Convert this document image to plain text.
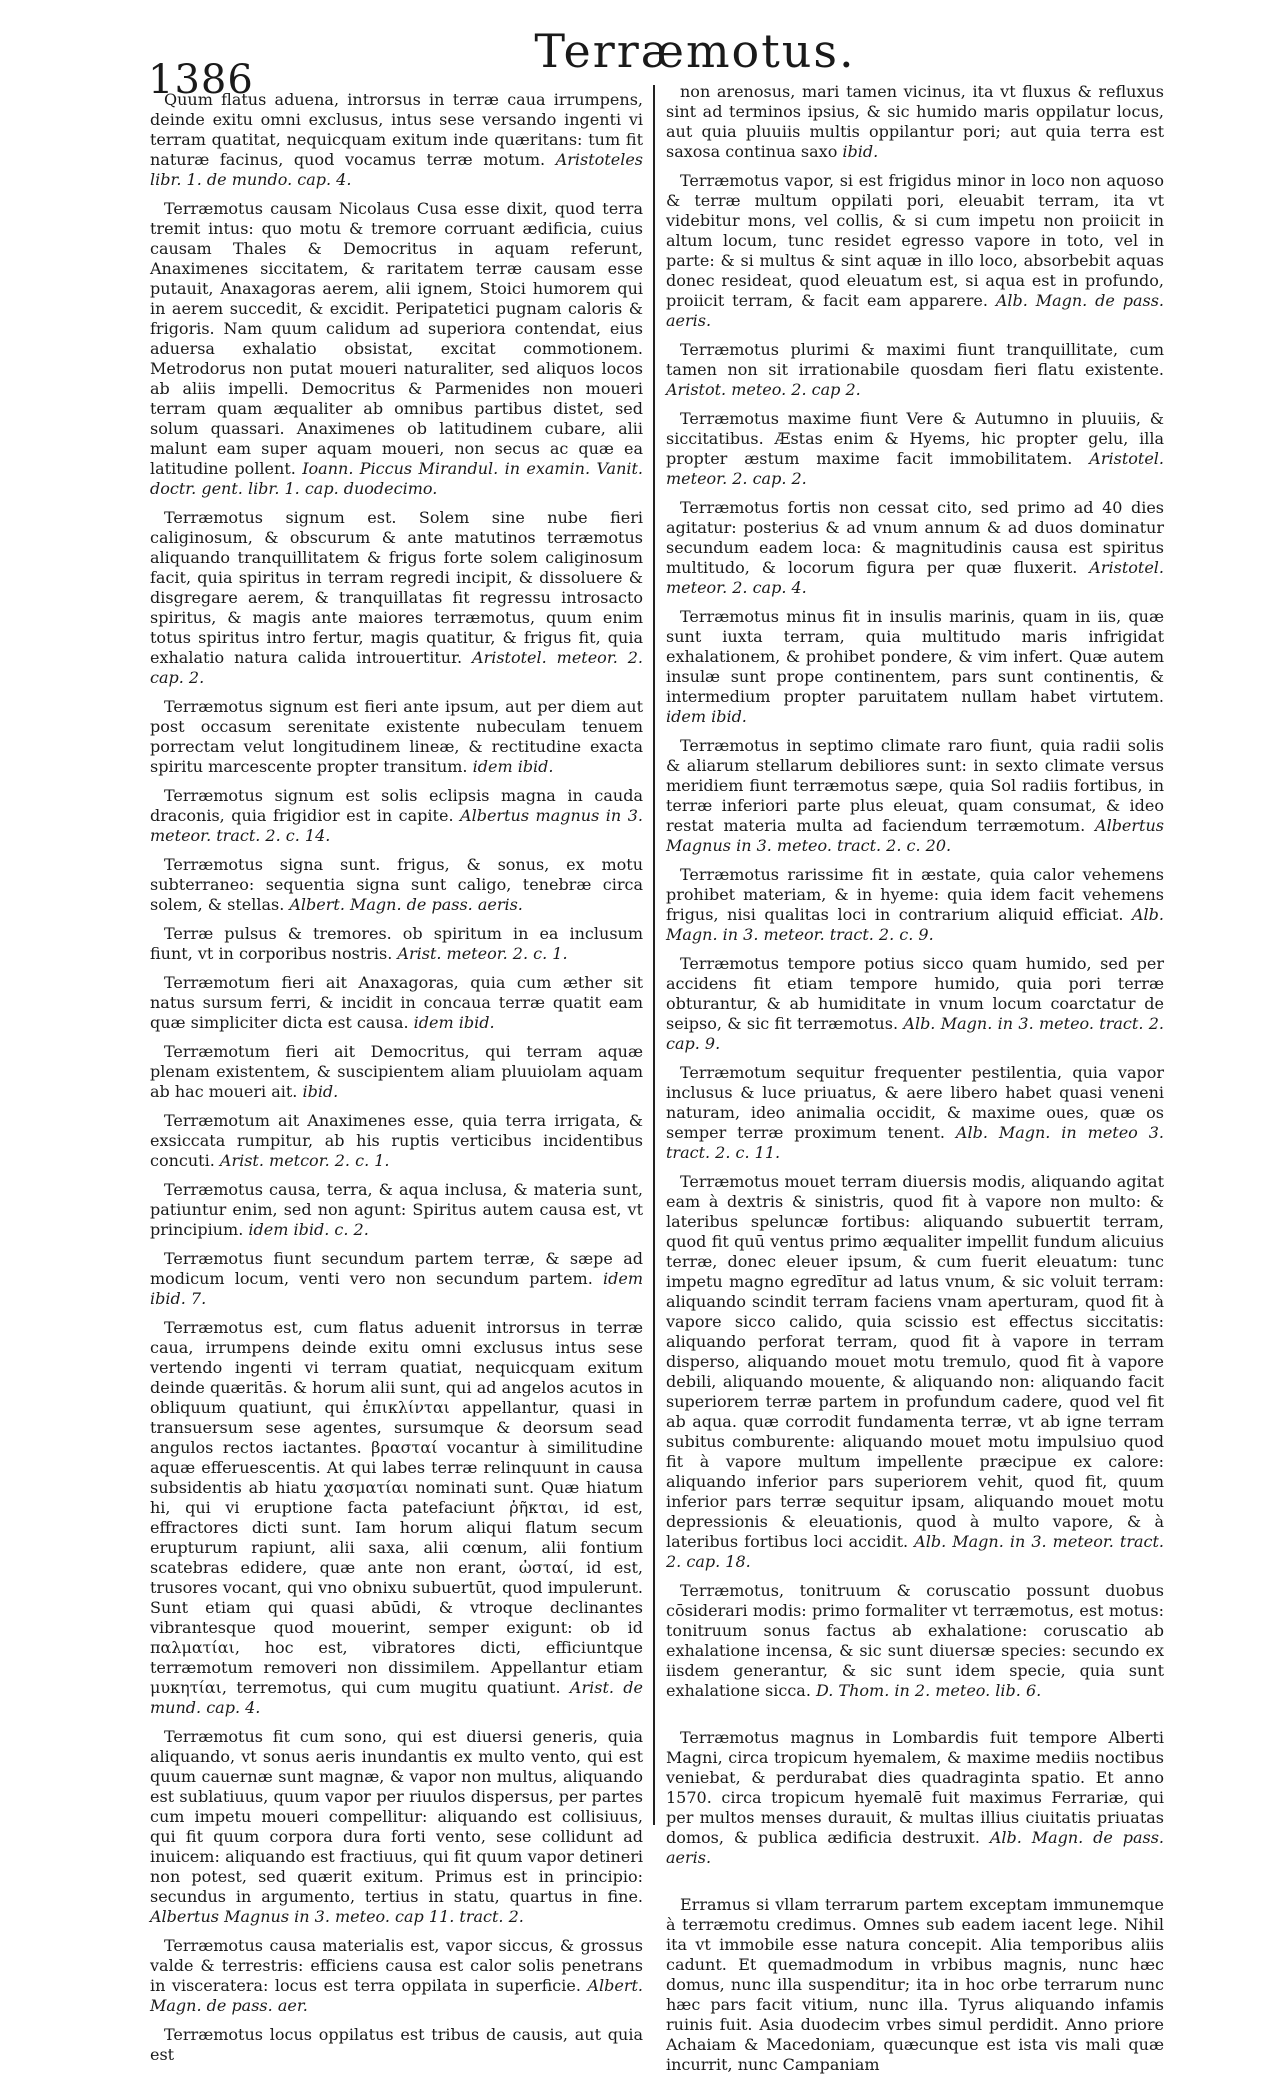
1386
Terræmotus.

Quum flatus aduena, introrsus in terræ caua irrumpens, deinde exitu omni exclusus, intus sese versando ingenti vi terram quatitat, nequicquam exitum inde quæritans: tum fit naturæ facinus, quod vocamus terræ motum. Aristoteles libr. 1. de mundo. cap. 4.

Terræmotus causam Nicolaus Cusa esse dixit, quod terra tremit intus: quo motu & tremore corruant ædificia, cuius causam Thales & Democritus in aquam referunt, Anaximenes siccitatem, & raritatem terræ causam esse putauit, Anaxagoras aerem, alii ignem, Stoici humorem qui in aerem succedit, & excidit. Peripatetici pugnam caloris & frigoris. Nam quum calidum ad superiora contendat, eius aduersa exhalatio obsistat, excitat commotionem. Metrodorus non putat moueri naturaliter, sed aliquos locos ab aliis impelli. Democritus & Parmenides non moueri terram quam æqualiter ab omnibus partibus distet, sed solum quassari. Anaximenes ob latitudinem cubare, alii malunt eam super aquam moueri, non secus ac quæ ea latitudine pollent. Ioann. Piccus Mirandul. in examin. Vanit. doctr. gent. libr. 1. cap. duodecimo.

Terræmotus signum est. Solem sine nube fieri caliginosum, & obscurum & ante matutinos terræmotus aliquando tranquillitatem & frigus forte solem caliginosum facit, quia spiritus in terram regredi incipit, & dissoluere & disgregare aerem, & tranquillatas fit regressu introsacto spiritus, & magis ante maiores terræmotus, quum enim totus spiritus intro fertur, magis quatitur, & frigus fit, quia exhalatio natura calida introuertitur. Aristotel. meteor. 2. cap. 2.

Terræmotus signum est fieri ante ipsum, aut per diem aut post occasum serenitate existente nubeculam tenuem porrectam velut longitudinem lineæ, & rectitudine exacta spiritu marcescente propter transitum. idem ibid.

Terræmotus signum est solis eclipsis magna in cauda draconis, quia frigidior est in capite. Albertus magnus in 3. meteor. tract. 2. c. 14.

Terræmotus signa sunt. frigus, & sonus, ex motu subterraneo: sequentia signa sunt caligo, tenebræ circa solem, & stellas. Albert. Magn. de pass. aeris.

Terræ pulsus & tremores. ob spiritum in ea inclusum fiunt, vt in corporibus nostris. Arist. meteor. 2. c. 1.

Terræmotum fieri ait Anaxagoras, quia cum æther sit natus sursum ferri, & incidit in concaua terræ quatit eam quæ simpliciter dicta est causa. idem ibid.

Terræmotum fieri ait Democritus, qui terram aquæ plenam existentem, & suscipientem aliam pluuiolam aquam ab hac moueri ait. ibid.

Terræmotum ait Anaximenes esse, quia terra irrigata, & exsiccata rumpitur, ab his ruptis verticibus incidentibus concuti. Arist. metcor. 2. c. 1.

Terræmotus causa, terra, & aqua inclusa, & materia sunt, patiuntur enim, sed non agunt: Spiritus autem causa est, vt principium. idem ibid. c. 2.

Terræmotus fiunt secundum partem terræ, & sæpe ad modicum locum, venti vero non secundum partem. idem ibid. 7.

Terræmotus est, cum flatus aduenit introrsus in terræ caua, irrumpens deinde exitu omni exclusus intus sese vertendo ingenti vi terram quatiat, nequicquam exitum deinde quæritās. & horum alii sunt, qui ad angelos acutos in obliquum quatiunt, qui ἐπικλίνται appellantur, quasi in transuersum sese agentes, sursumque & deorsum sead angulos rectos iactantes. βρασταί vocantur à similitudine aquæ efferuescentis. At qui labes terræ relinquunt in causa subsidentis ab hiatu χασματίαι nominati sunt. Quæ hiatum hi, qui vi eruptione facta patefaciunt ῥῆκται, id est, effractores dicti sunt. Iam horum aliqui flatum secum erupturum rapiunt, alii saxa, alii cœnum, alii fontium scatebras edidere, quæ ante non erant, ὠσταί, id est, trusores vocant, qui vno obnixu subuertūt, quod impulerunt. Sunt etiam qui quasi abūdi, & vtroque declinantes vibrantesque quod mouerint, semper exigunt: ob id παλματίαι, hoc est, vibratores dicti, efficiuntque terræmotum removeri non dissimilem. Appellantur etiam μυκητίαι, terremotus, qui cum mugitu quatiunt. Arist. de mund. cap. 4.

Terræmotus fit cum sono, qui est diuersi generis, quia aliquando, vt sonus aeris inundantis ex multo vento, qui est quum cauernæ sunt magnæ, & vapor non multus, aliquando est sublatiuus, quum vapor per riuulos dispersus, per partes cum impetu moueri compellitur: aliquando est collisiuus, qui fit quum corpora dura forti vento, sese collidunt ad inuicem: aliquando est fractiuus, qui fit quum vapor detineri non potest, sed quærit exitum. Primus est in principio: secundus in argumento, tertius in statu, quartus in fine. Albertus Magnus in 3. meteo. cap 11. tract. 2.

Terræmotus causa materialis est, vapor siccus, & grossus valde & terrestris: efficiens causa est calor solis penetrans in visceratera: locus est terra oppilata in superficie. Albert. Magn. de pass. aer.

Terræmotus locus oppilatus est tribus de causis, aut quia est

non arenosus, mari tamen vicinus, ita vt fluxus & refluxus sint ad terminos ipsius, & sic humido maris oppilatur locus, aut quia pluuiis multis oppilantur pori; aut quia terra est saxosa continua saxo ibid.

Terræmotus vapor, si est frigidus minor in loco non aquoso & terræ multum oppilati pori, eleuabit terram, ita vt videbitur mons, vel collis, & si cum impetu non proiicit in altum locum, tunc residet egresso vapore in toto, vel in parte: & si multus & sint aquæ in illo loco, absorbebit aquas donec resideat, quod eleuatum est, si aqua est in profundo, proiicit terram, & facit eam apparere. Alb. Magn. de pass. aeris.

Terræmotus plurimi & maximi fiunt tranquillitate, cum tamen non sit irrationabile quosdam fieri flatu existente. Aristot. meteo. 2. cap 2.

Terræmotus maxime fiunt Vere & Autumno in pluuiis, & siccitatibus. Æstas enim & Hyems, hic propter gelu, illa propter æstum maxime facit immobilitatem. Aristotel. meteor. 2. cap. 2.

Terræmotus fortis non cessat cito, sed primo ad 40 dies agitatur: posterius & ad vnum annum & ad duos dominatur secundum eadem loca: & magnitudinis causa est spiritus multitudo, & locorum figura per quæ fluxerit. Aristotel. meteor. 2. cap. 4.

Terræmotus minus fit in insulis marinis, quam in iis, quæ sunt iuxta terram, quia multitudo maris infrigidat exhalationem, & prohibet pondere, & vim infert. Quæ autem insulæ sunt prope continentem, pars sunt continentis, & intermedium propter paruitatem nullam habet virtutem. idem ibid.

Terræmotus in septimo climate raro fiunt, quia radii solis & aliarum stellarum debiliores sunt: in sexto climate versus meridiem fiunt terræmotus sæpe, quia Sol radiis fortibus, in terræ inferiori parte plus eleuat, quam consumat, & ideo restat materia multa ad faciendum terræmotum. Albertus Magnus in 3. meteo. tract. 2. c. 20.

Terræmotus rarissime fit in æstate, quia calor vehemens prohibet materiam, & in hyeme: quia idem facit vehemens frigus, nisi qualitas loci in contrarium aliquid efficiat. Alb. Magn. in 3. meteor. tract. 2. c. 9.

Terræmotus tempore potius sicco quam humido, sed per accidens fit etiam tempore humido, quia pori terræ obturantur, & ab humiditate in vnum locum coarctatur de seipso, & sic fit terræmotus. Alb. Magn. in 3. meteo. tract. 2. cap. 9.

Terræmotum sequitur frequenter pestilentia, quia vapor inclusus & luce priuatus, & aere libero habet quasi veneni naturam, ideo animalia occidit, & maxime oues, quæ os semper terræ proximum tenent. Alb. Magn. in meteo 3. tract. 2. c. 11.

Terræmotus mouet terram diuersis modis, aliquando agitat eam à dextris & sinistris, quod fit à vapore non multo: & lateribus speluncæ fortibus: aliquando subuertit terram, quod fit quū ventus primo æqualiter impellit fundum alicuius terræ, donec eleuer ipsum, & cum fuerit eleuatum: tunc impetu magno egredītur ad latus vnum, & sic voluit terram: aliquando scindit terram faciens vnam aperturam, quod fit à vapore sicco calido, quia scissio est effectus siccitatis: aliquando perforat terram, quod fit à vapore in terram disperso, aliquando mouet motu tremulo, quod fit à vapore debili, aliquando mouente, & aliquando non: aliquando facit superiorem terræ partem in profundum cadere, quod vel fit ab aqua. quæ corrodit fundamenta terræ, vt ab igne terram subitus comburente: aliquando mouet motu impulsiuo quod fit à vapore multum impellente præcipue ex calore: aliquando inferior pars superiorem vehit, quod fit, quum inferior pars terræ sequitur ipsam, aliquando mouet motu depressionis & eleuationis, quod à multo vapore, & à lateribus fortibus loci accidit. Alb. Magn. in 3. meteor. tract. 2. cap. 18.

Terræmotus, tonitruum & coruscatio possunt duobus cōsiderari modis: primo formaliter vt terræmotus, est motus: tonitruum sonus factus ab exhalatione: coruscatio ab exhalatione incensa, & sic sunt diuersæ species: secundo ex iisdem generantur, & sic sunt idem specie, quia sunt exhalatione sicca. D. Thom. in 2. meteo. lib. 6.

Terræmotus magnus in Lombardis fuit tempore Alberti Magni, circa tropicum hyemalem, & maxime mediis noctibus veniebat, & perdurabat dies quadraginta spatio. Et anno 1570. circa tropicum hyemalē fuit maximus Ferrariæ, qui per multos menses durauit, & multas illius ciuitatis priuatas domos, & publica ædificia destruxit. Alb. Magn. de pass. aeris.

Erramus si vllam terrarum partem exceptam immunemque à terræmotu credimus. Omnes sub eadem iacent lege. Nihil ita vt immobile esse natura concepit. Alia temporibus aliis cadunt. Et quemadmodum in vrbibus magnis, nunc hæc domus, nunc illa suspenditur; ita in hoc orbe terrarum nunc hæc pars facit vitium, nunc illa. Tyrus aliquando infamis ruinis fuit. Asia duodecim vrbes simul perdidit. Anno priore Achaiam & Macedoniam, quæcunque est ista vis mali quæ incurrit, nunc Campaniam
